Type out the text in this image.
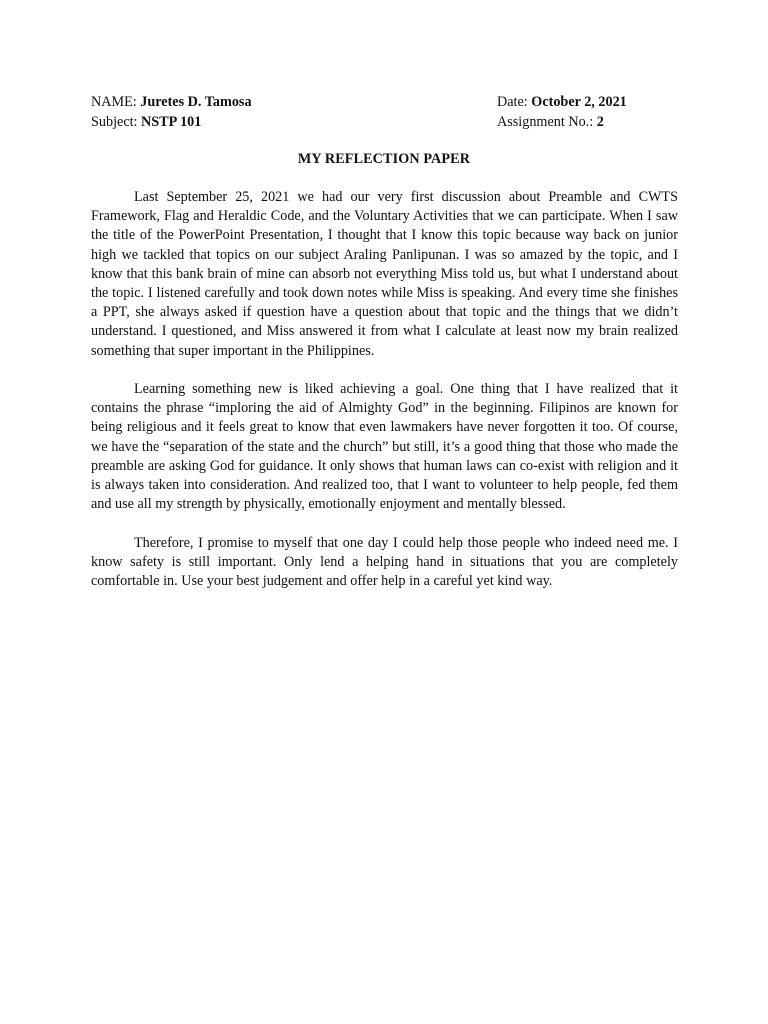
NAME: Juretes D. Tamosa	Date: October 2, 2021
Subject: NSTP 101	Assignment No.: 2
MY REFLECTION PAPER

Last September 25, 2021 we had our very first discussion about Preamble and CWTS Framework, Flag and Heraldic Code, and the Voluntary Activities that we can participate. When I saw the title of the PowerPoint Presentation, I thought that I know this topic because way back on junior high we tackled that topics on our subject Araling Panlipunan. I was so amazed by the topic, and I know that this bank brain of mine can absorb not everything Miss told us, but what I understand about the topic. I listened carefully and took down notes while Miss is speaking. And every time she finishes a PPT, she always asked if question have a question about that topic and the things that we didn’t understand. I questioned, and Miss answered it from what I calculate at least now my brain realized something that super important in the Philippines.

Learning something new is liked achieving a goal. One thing that I have realized that it contains the phrase “imploring the aid of Almighty God” in the beginning. Filipinos are known for being religious and it feels great to know that even lawmakers have never forgotten it too. Of course, we have the “separation of the state and the church” but still, it’s a good thing that those who made the preamble are asking God for guidance. It only shows that human laws can co-exist with religion and it is always taken into consideration. And realized too, that I want to volunteer to help people, fed them and use all my strength by physically, emotionally enjoyment and mentally blessed.

Therefore, I promise to myself that one day I could help those people who indeed need me. I know safety is still important. Only lend a helping hand in situations that you are completely comfortable in. Use your best judgement and offer help in a careful yet kind way.
